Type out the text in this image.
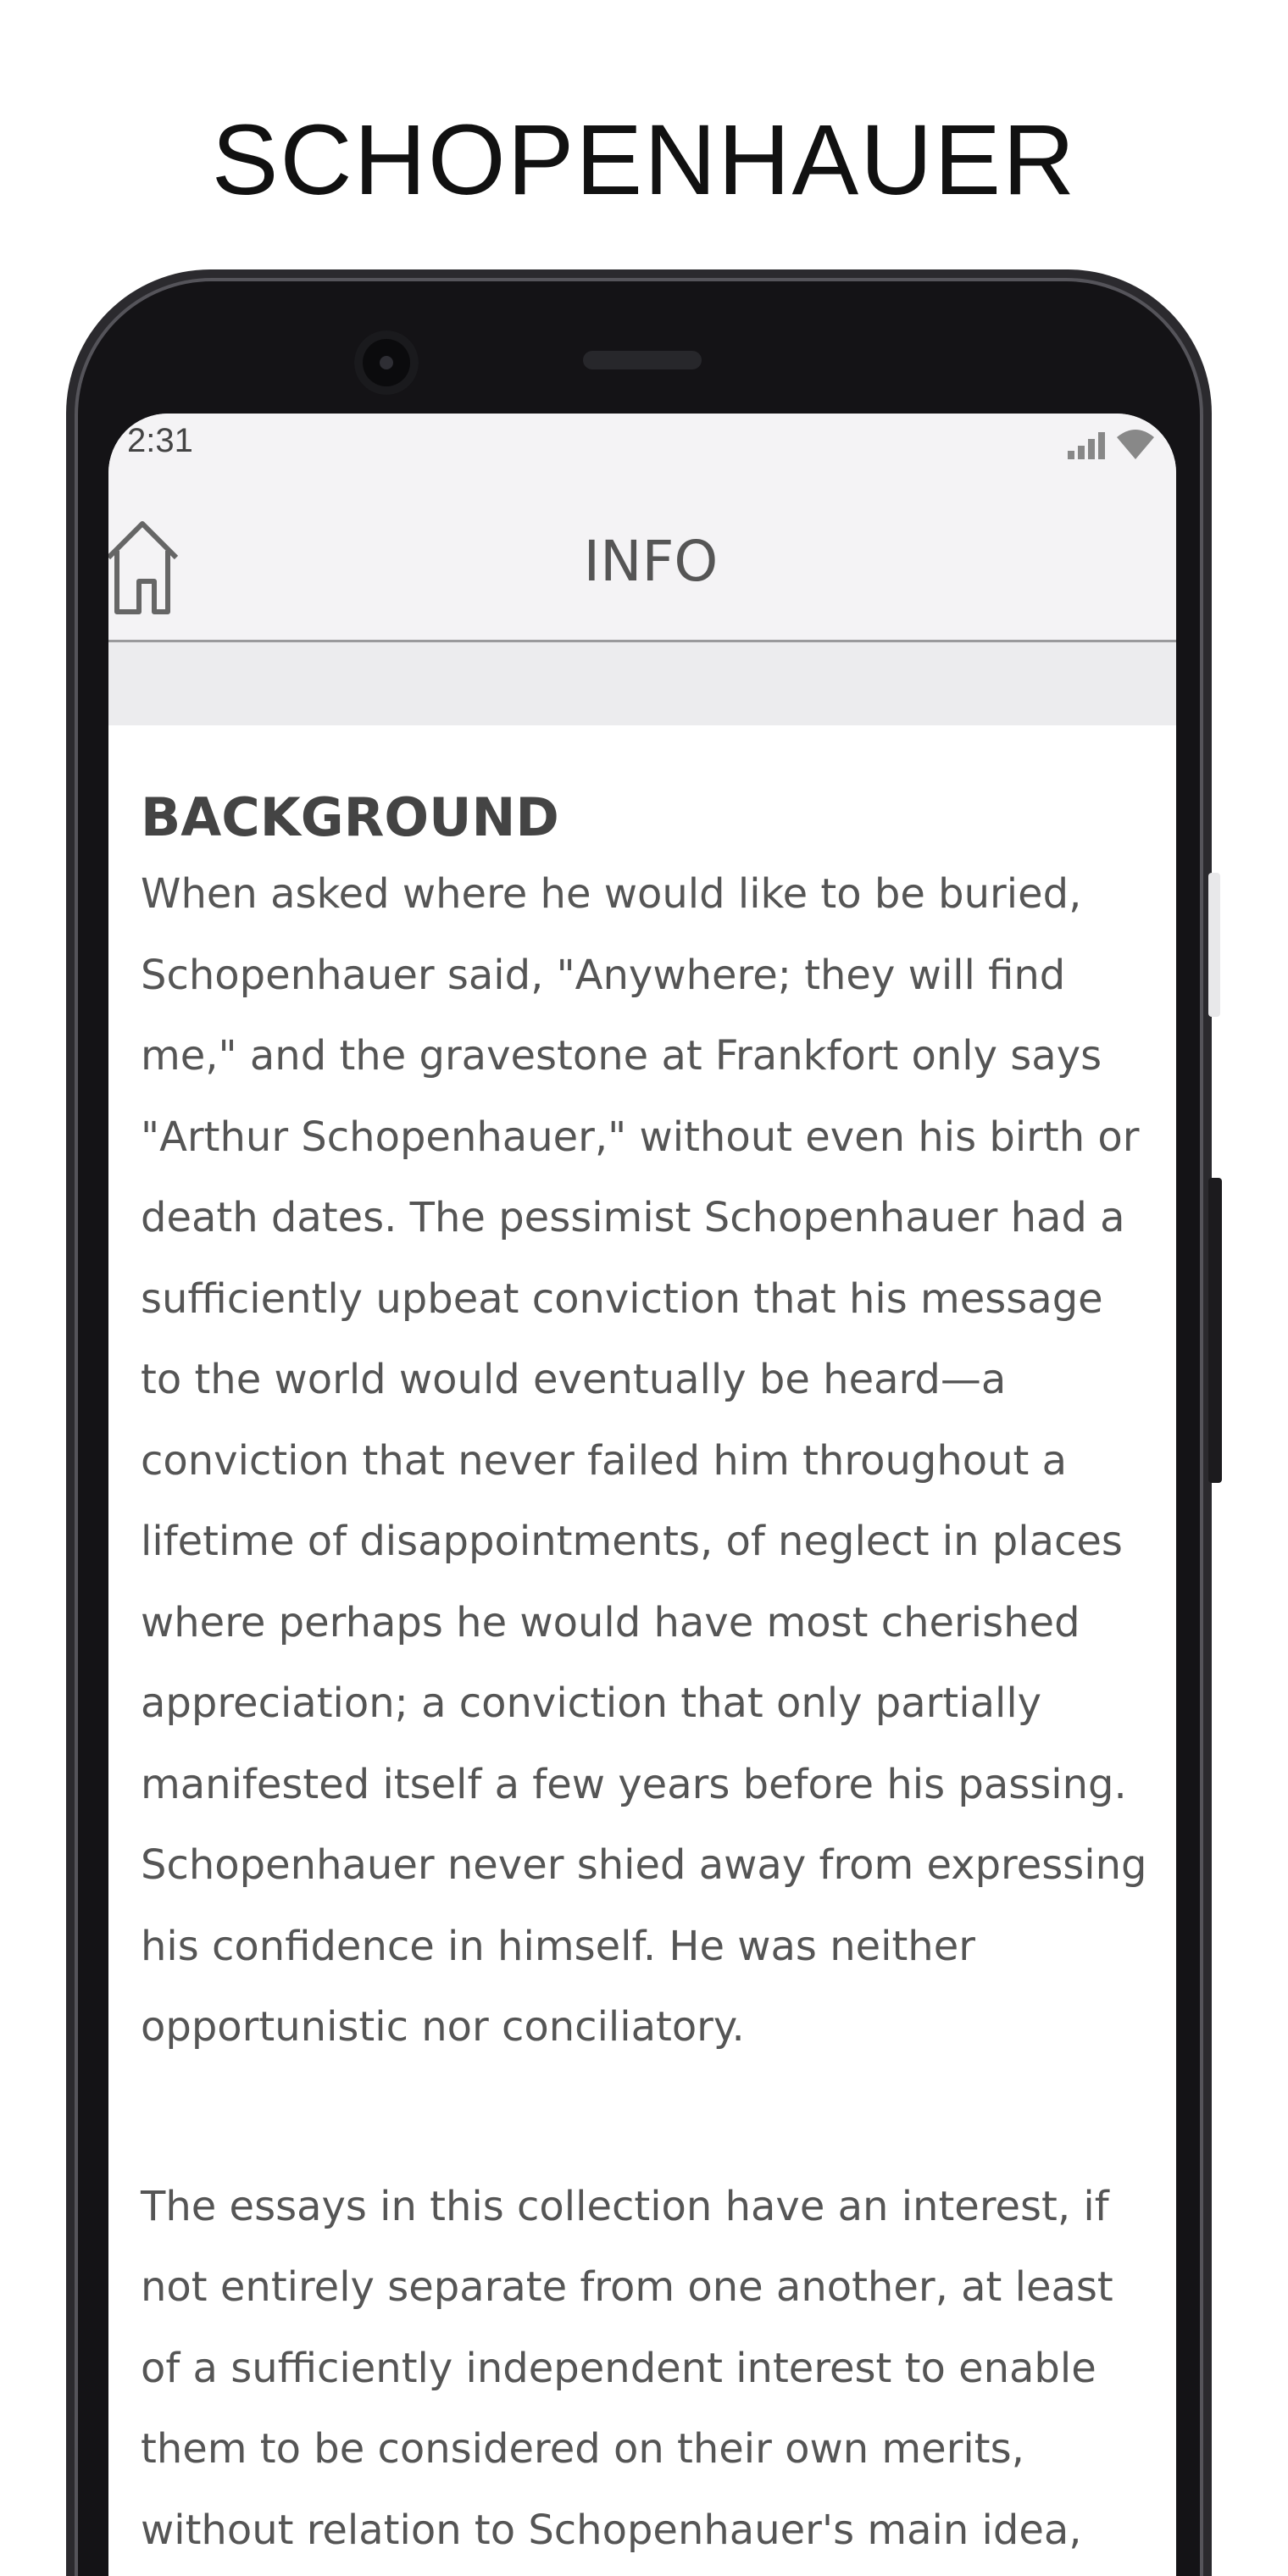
SCHOPENHAUER
2:31
INFO
BACKGROUND

When asked where he would like to be buried,

Schopenhauer said, "Anywhere; they will find

me," and the gravestone at Frankfort only says

"Arthur Schopenhauer," without even his birth or

death dates. The pessimist Schopenhauer had a

sufficiently upbeat conviction that his message

to the world would eventually be heard—a

conviction that never failed him throughout a

lifetime of disappointments, of neglect in places

where perhaps he would have most cherished

appreciation; a conviction that only partially

manifested itself a few years before his passing.

Schopenhauer never shied away from expressing

his confidence in himself. He was neither

opportunistic nor conciliatory.

The essays in this collection have an interest, if

not entirely separate from one another, at least

of a sufficiently independent interest to enable

them to be considered on their own merits,

without relation to Schopenhauer's main idea,
